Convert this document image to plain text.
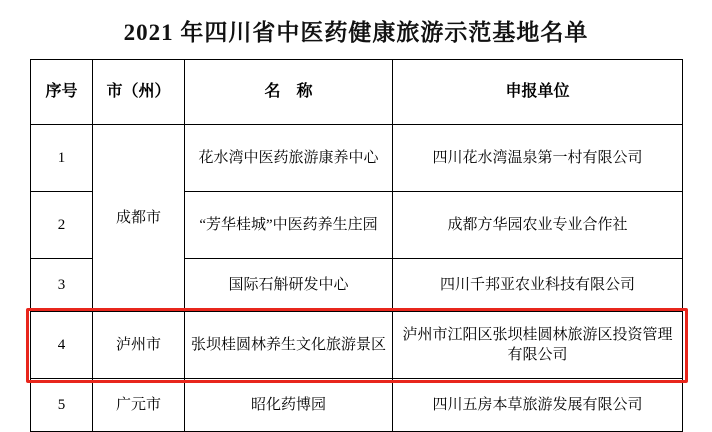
2021 年四川省中医药健康旅游示范基地名单
序号	市（州）	名　称	申报单位
1	成都市	花水湾中医药旅游康养中心	四川花水湾温泉第一村有限公司
2		“芳华桂城”中医药养生庄园	成都方华园农业专业合作社
3		国际石斛研发中心	四川千邦亚农业科技有限公司
4	泸州市	张坝桂圆林养生文化旅游景区	泸州市江阳区张坝桂圆林旅游区投资管理有限公司
5	广元市	昭化药博园	四川五房本草旅游发展有限公司
